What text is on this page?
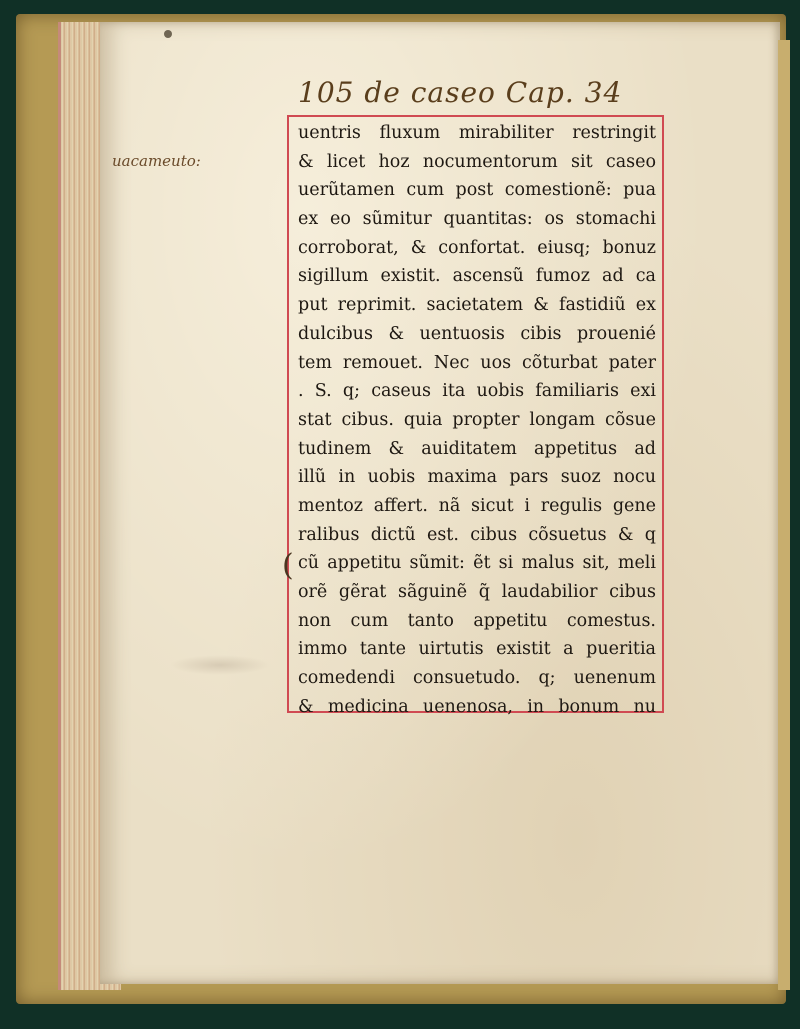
105 de caseo Cap. 34
uacameuto:
uentris fluxum mirabiliter restringit
& licet hoz nocumentorum sit caseo
uerũtamen cum post comestionẽ: pua
ex eo sũmitur quantitas: os stomachi
corroborat, & confortat. eiusq; bonuz
sigillum existit. ascensũ fumoz ad ca
put reprimit. sacietatem & fastidiũ ex
dulcibus & uentuosis cibis prouenié
tem remouet. Nec uos cõturbat pater
. S. q; caseus ita uobis familiaris exi
stat cibus. quia propter longam cõsue
tudinem & auiditatem appetitus ad
illũ in uobis maxima pars suoz nocu
mentoz affert. nã sicut i regulis gene
ralibus dictũ est. cibus cõsuetus & q
cũ appetitu sũmit: ẽt si malus sit, meli
orẽ gẽrat sãguinẽ q̃ laudabilior cibus
non cum tanto appetitu comestus.
immo tante uirtutis existit a pueritia
comedendi consuetudo. q; uenenum
& medicina uenenosa, in bonum nu
(
